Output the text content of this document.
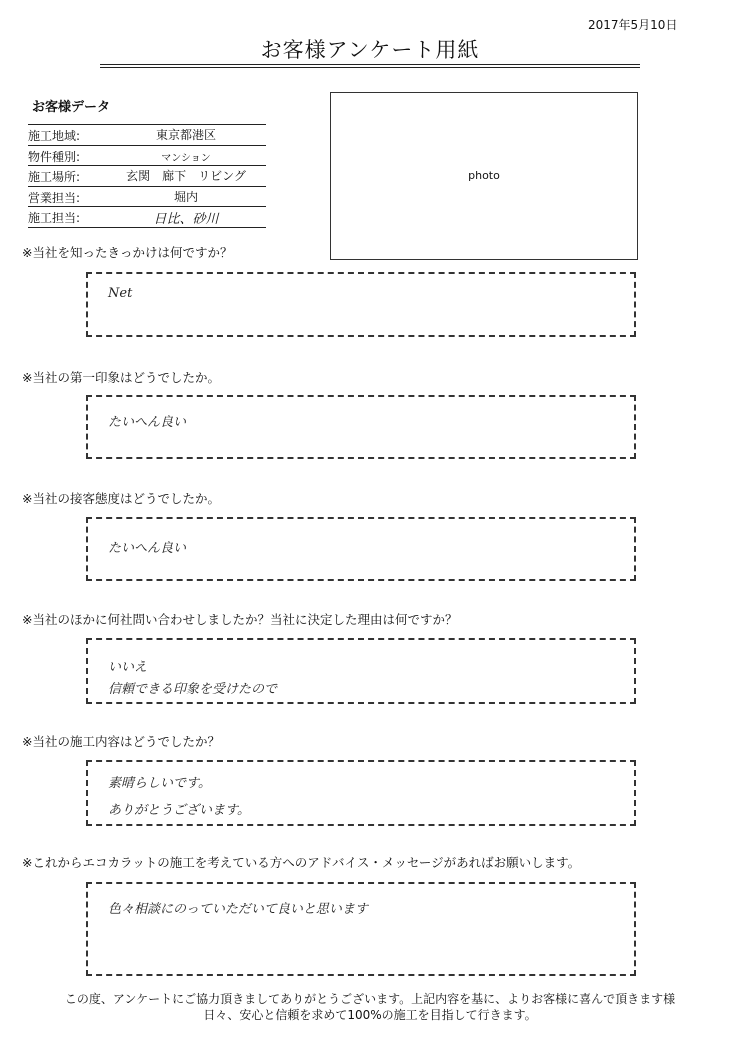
2017年5月10日
お客様アンケート用紙
お客様データ
施工地域:	東京都港区
物件種別:	マンション
施工場所:	玄関　廊下　リビング
営業担当:	堀内
施工担当:	日比、砂川
photo
※当社を知ったきっかけは何ですか？
Net
※当社の第一印象はどうでしたか。
たいへん良い
※当社の接客態度はどうでしたか。
たいへん良い
※当社のほかに何社問い合わせしましたか？当社に決定した理由は何ですか？
いいえ
信頼できる印象を受けたので
※当社の施工内容はどうでしたか？
素晴らしいです。
ありがとうございます。
※これからエコカラットの施工を考えている方へのアドバイス・メッセージがあればお願いします。
色々相談にのっていただいて良いと思います
この度、アンケートにご協力頂きましてありがとうございます。上記内容を基に、よりお客様に喜んで頂きます様
日々、安心と信頼を求めて100%の施工を目指して行きます。
